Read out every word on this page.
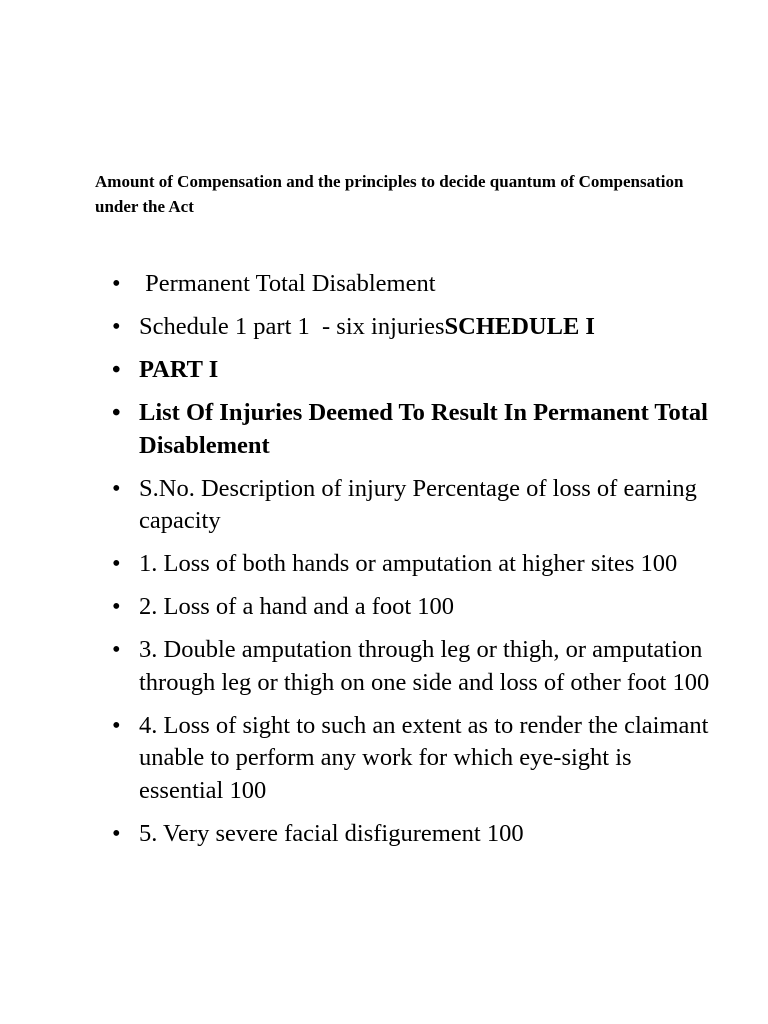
Amount of Compensation and the principles to decide quantum of Compensation under the Act

• Permanent Total Disablement
• Schedule 1 part 1  - six injuriesSCHEDULE I
• PART I
• List Of Injuries Deemed To Result In Permanent Total Disablement
• S.No. Description of injury Percentage of loss of earning capacity
• 1. Loss of both hands or amputation at higher sites 100
• 2. Loss of a hand and a foot 100
• 3. Double amputation through leg or thigh, or amputation through leg or thigh on one side and loss of other foot 100
• 4. Loss of sight to such an extent as to render the claimant unable to perform any work for which eye-sight is essential 100
• 5. Very severe facial disfigurement 100
